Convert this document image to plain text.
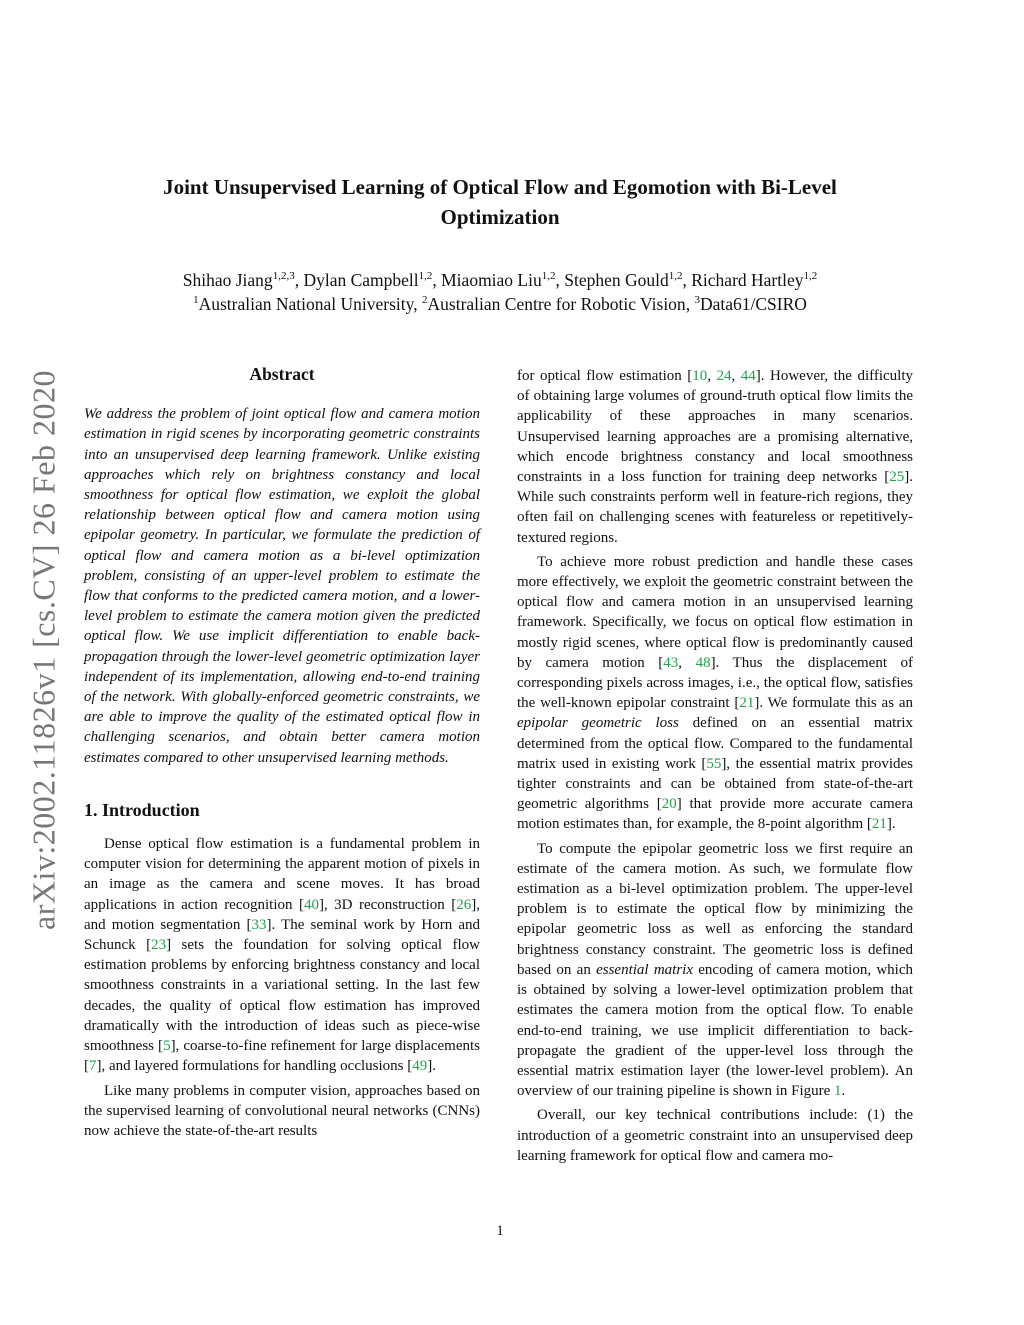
arXiv:2002.11826v1 [cs.CV] 26 Feb 2020
Joint Unsupervised Learning of Optical Flow and Egomotion with Bi-Level
Optimization
Shihao Jiang$^{1,2,3}$, Dylan Campbell$^{1,2}$, Miaomiao Liu$^{1,2}$, Stephen Gould$^{1,2}$, Richard Hartley$^{1,2}$
$^1$Australian National University, $^2$Australian Centre for Robotic Vision, $^3$Data61/CSIRO
Abstract
We address the problem of joint optical flow and camera motion estimation in rigid scenes by incorporating geometric constraints into an unsupervised deep learning framework. Unlike existing approaches which rely on brightness constancy and local smoothness for optical flow estimation, we exploit the global relationship between optical flow and camera motion using epipolar geometry. In particular, we formulate the prediction of optical flow and camera motion as a bi-level optimization problem, consisting of an upper-level problem to estimate the flow that conforms to the predicted camera motion, and a lower-level problem to estimate the camera motion given the predicted optical flow. We use implicit differentiation to enable back-propagation through the lower-level geometric optimization layer independent of its implementation, allowing end-to-end training of the network. With globally-enforced geometric constraints, we are able to improve the quality of the estimated optical flow in challenging scenarios, and obtain better camera motion estimates compared to other unsupervised learning methods.
1. Introduction

Dense optical flow estimation is a fundamental problem in computer vision for determining the apparent motion of pixels in an image as the camera and scene moves. It has broad applications in action recognition [40], 3D reconstruction [26], and motion segmentation [33]. The seminal work by Horn and Schunck [23] sets the foundation for solving optical flow estimation problems by enforcing brightness constancy and local smoothness constraints in a variational setting. In the last few decades, the quality of optical flow estimation has improved dramatically with the introduction of ideas such as piece-wise smoothness [5], coarse-to-fine refinement for large displacements [7], and layered formulations for handling occlusions [49].

Like many problems in computer vision, approaches based on the supervised learning of convolutional neural networks (CNNs) now achieve the state-of-the-art results

for optical flow estimation [10, 24, 44]. However, the difficulty of obtaining large volumes of ground-truth optical flow limits the applicability of these approaches in many scenarios. Unsupervised learning approaches are a promising alternative, which encode brightness constancy and local smoothness constraints in a loss function for training deep networks [25]. While such constraints perform well in feature-rich regions, they often fail on challenging scenes with featureless or repetitively-textured regions.

To achieve more robust prediction and handle these cases more effectively, we exploit the geometric constraint between the optical flow and camera motion in an unsupervised learning framework. Specifically, we focus on optical flow estimation in mostly rigid scenes, where optical flow is predominantly caused by camera motion [43, 48]. Thus the displacement of corresponding pixels across images, i.e., the optical flow, satisfies the well-known epipolar constraint [21]. We formulate this as an epipolar geometric loss defined on an essential matrix determined from the optical flow. Compared to the fundamental matrix used in existing work [55], the essential matrix provides tighter constraints and can be obtained from state-of-the-art geometric algorithms [20] that provide more accurate camera motion estimates than, for example, the 8-point algorithm [21].

To compute the epipolar geometric loss we first require an estimate of the camera motion. As such, we formulate flow estimation as a bi-level optimization problem. The upper-level problem is to estimate the optical flow by minimizing the epipolar geometric loss as well as enforcing the standard brightness constancy constraint. The geometric loss is defined based on an essential matrix encoding of camera motion, which is obtained by solving a lower-level optimization problem that estimates the camera motion from the optical flow. To enable end-to-end training, we use implicit differentiation to back-propagate the gradient of the upper-level loss through the essential matrix estimation layer (the lower-level problem). An overview of our training pipeline is shown in Figure 1.

Overall, our key technical contributions include: (1) the introduction of a geometric constraint into an unsupervised deep learning framework for optical flow and camera mo-

1
